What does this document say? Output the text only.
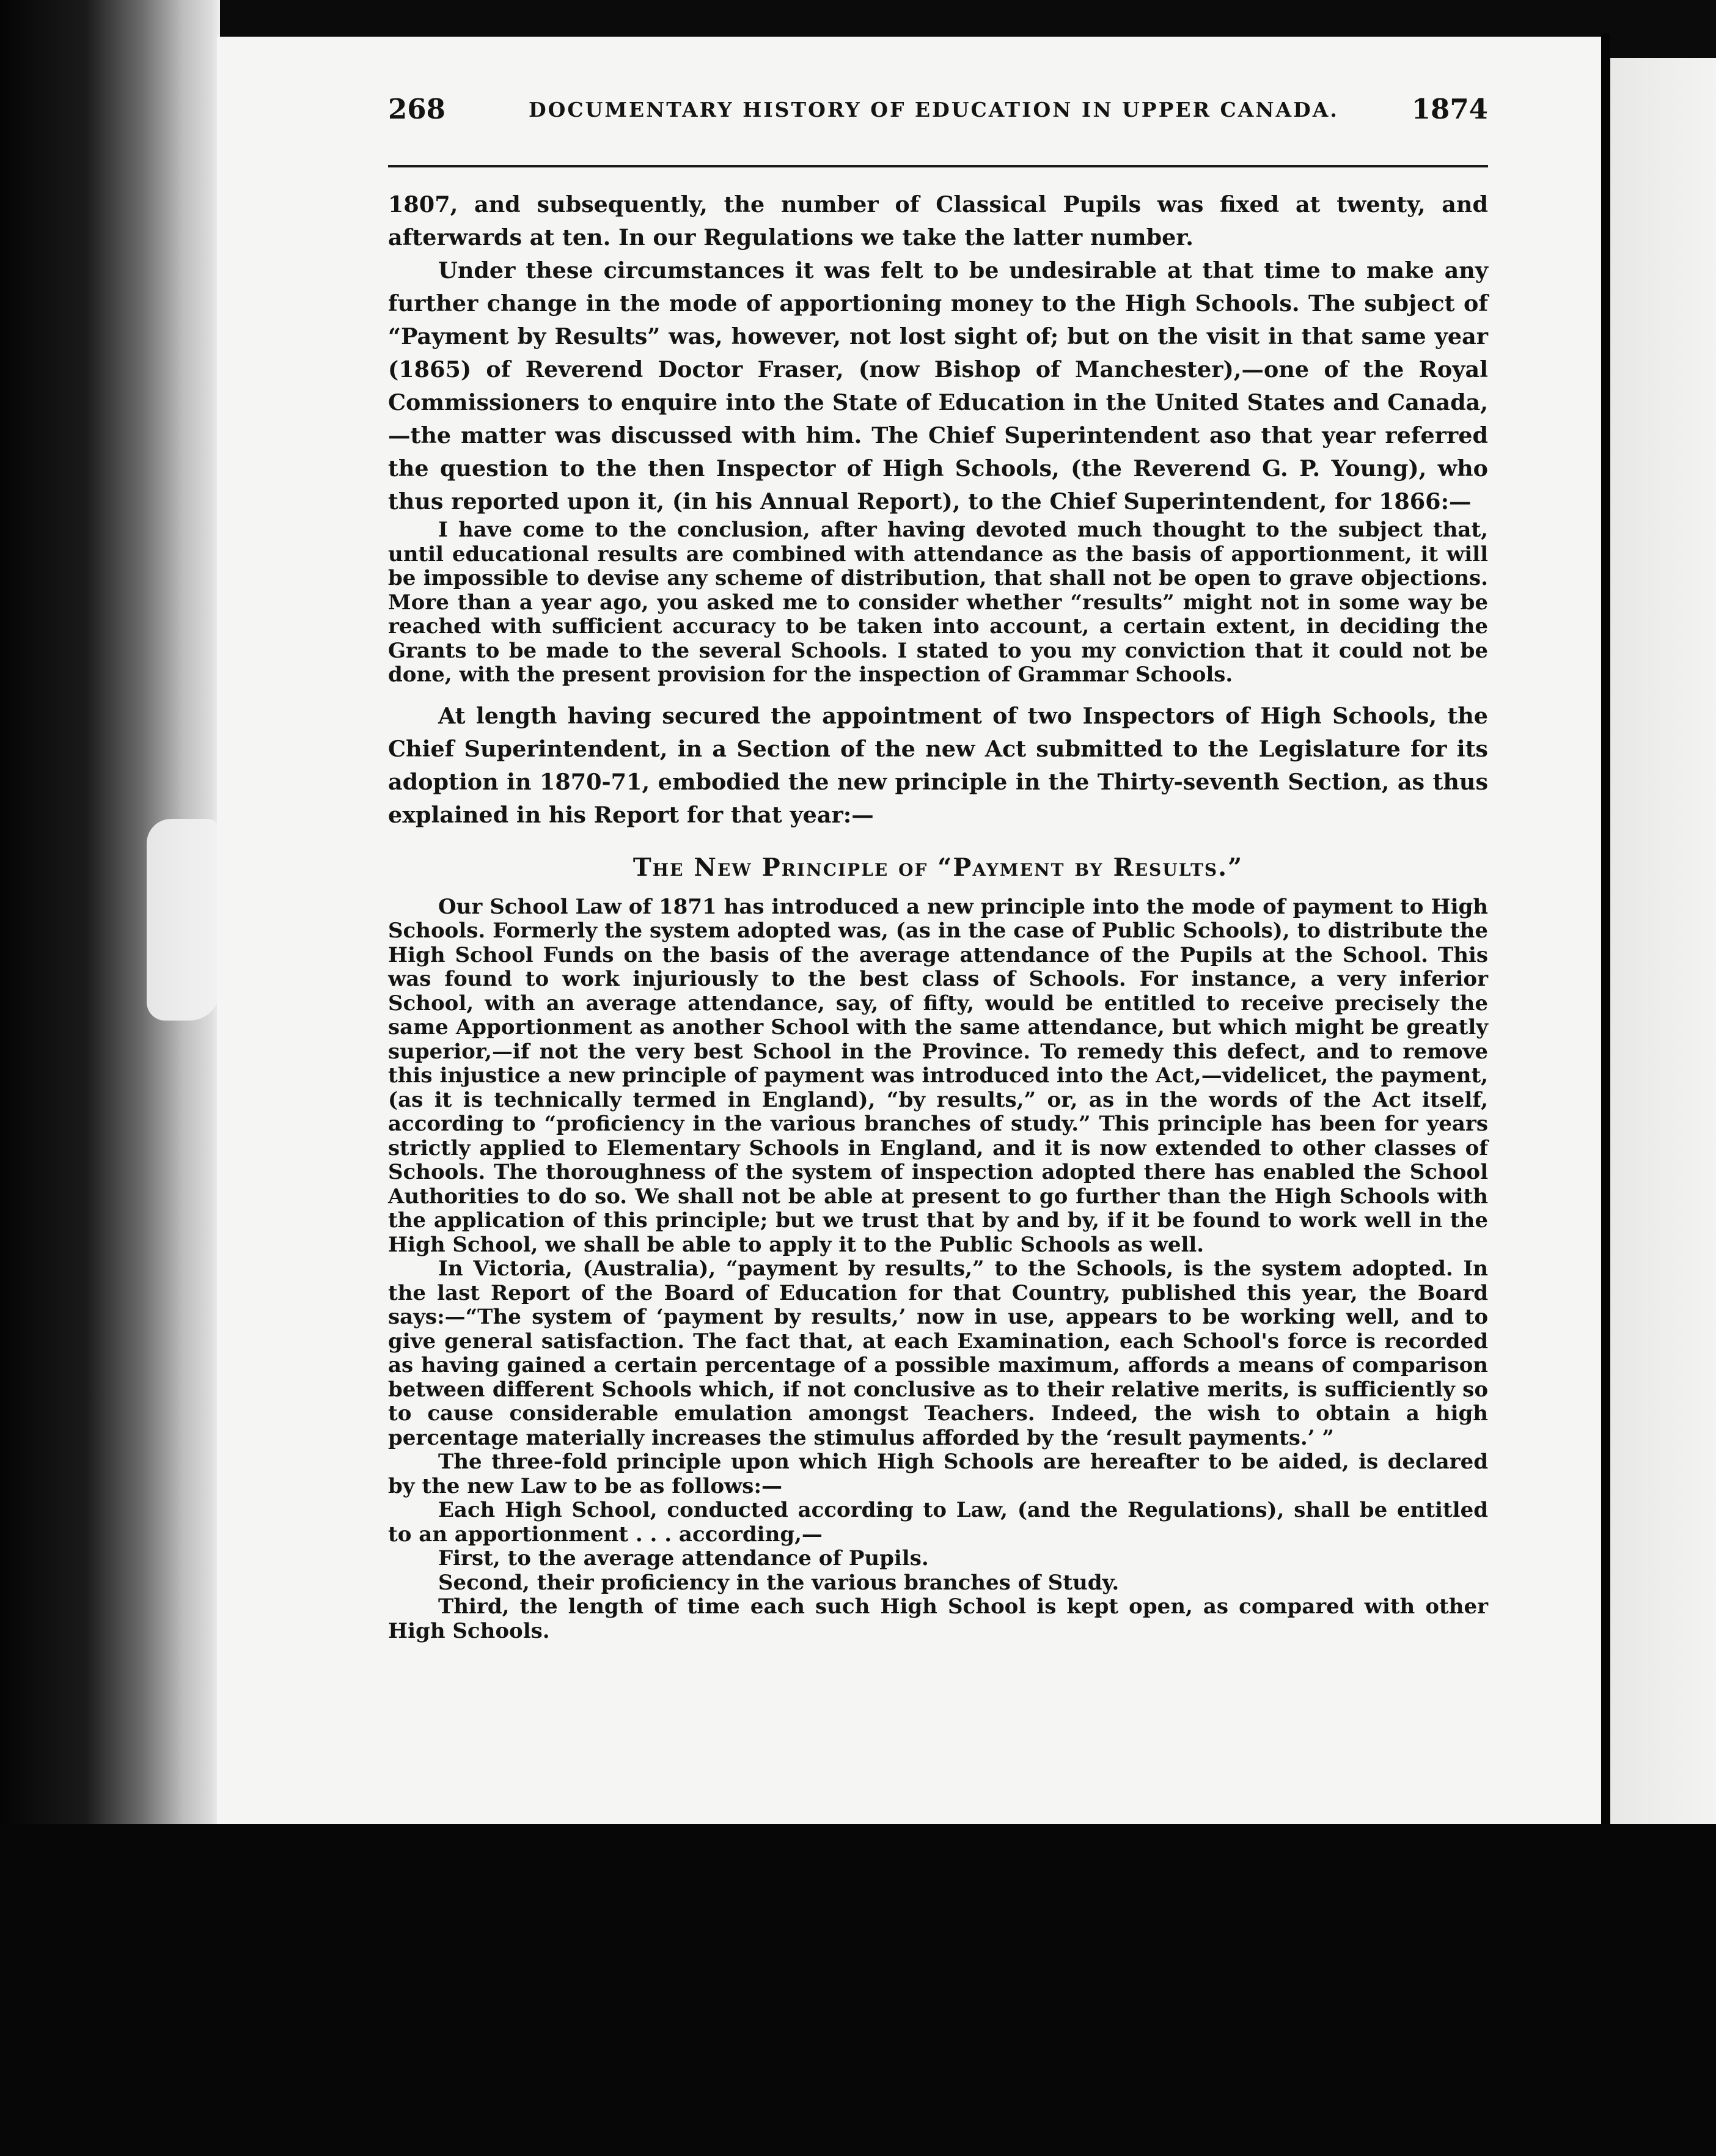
268	DOCUMENTARY HISTORY OF EDUCATION IN UPPER CANADA.	1874

1807, and subsequently, the number of Classical Pupils was fixed at twenty, and afterwards at ten. In our Regulations we take the latter number.

Under these circumstances it was felt to be undesirable at that time to make any further change in the mode of apportioning money to the High Schools. The subject of “Payment by Results” was, however, not lost sight of; but on the visit in that same year (1865) of Reverend Doctor Fraser, (now Bishop of Manchester),—one of the Royal Commissioners to enquire into the State of Education in the United States and Canada, —the matter was discussed with him. The Chief Superintendent aso that year referred the question to the then Inspector of High Schools, (the Reverend G. P. Young), who thus reported upon it, (in his Annual Report), to the Chief Superintendent, for 1866:—

I have come to the conclusion, after having devoted much thought to the subject that, until educational results are combined with attendance as the basis of apportionment, it will be impossible to devise any scheme of distribution, that shall not be open to grave objections. More than a year ago, you asked me to consider whether “results” might not in some way be reached with sufficient accuracy to be taken into account, a certain extent, in deciding the Grants to be made to the several Schools. I stated to you my conviction that it could not be done, with the present provision for the inspection of Grammar Schools.

At length having secured the appointment of two Inspectors of High Schools, the Chief Superintendent, in a Section of the new Act submitted to the Legislature for its adoption in 1870-71, embodied the new principle in the Thirty-seventh Section, as thus explained in his Report for that year:—

The New Principle of “Payment by Results.”

Our School Law of 1871 has introduced a new principle into the mode of payment to High Schools. Formerly the system adopted was, (as in the case of Public Schools), to distribute the High School Funds on the basis of the average attendance of the Pupils at the School. This was found to work injuriously to the best class of Schools. For instance, a very inferior School, with an average attendance, say, of fifty, would be entitled to receive precisely the same Apportionment as another School with the same attendance, but which might be greatly superior,—if not the very best School in the Province. To remedy this defect, and to remove this injustice a new principle of payment was introduced into the Act,—videlicet, the payment, (as it is technically termed in England), “by results,” or, as in the words of the Act itself, according to “proficiency in the various branches of study.” This principle has been for years strictly applied to Elementary Schools in England, and it is now extended to other classes of Schools. The thoroughness of the system of inspection adopted there has enabled the School Authorities to do so. We shall not be able at present to go further than the High Schools with the application of this principle; but we trust that by and by, if it be found to work well in the High School, we shall be able to apply it to the Public Schools as well.

In Victoria, (Australia), “payment by results,” to the Schools, is the system adopted. In the last Report of the Board of Education for that Country, published this year, the Board says:—“The system of ‘payment by results,’ now in use, appears to be working well, and to give general satisfaction. The fact that, at each Examination, each School's force is recorded as having gained a certain percentage of a possible maximum, affords a means of comparison between different Schools which, if not conclusive as to their relative merits, is sufficiently so to cause considerable emulation amongst Teachers. Indeed, the wish to obtain a high percentage materially increases the stimulus afforded by the ‘result payments.’ ”

The three-fold principle upon which High Schools are hereafter to be aided, is declared by the new Law to be as follows:—

Each High School, conducted according to Law, (and the Regulations), shall be entitled to an apportionment . . . according,—

First, to the average attendance of Pupils.

Second, their proficiency in the various branches of Study.

Third, the length of time each such High School is kept open, as compared with other High Schools.
